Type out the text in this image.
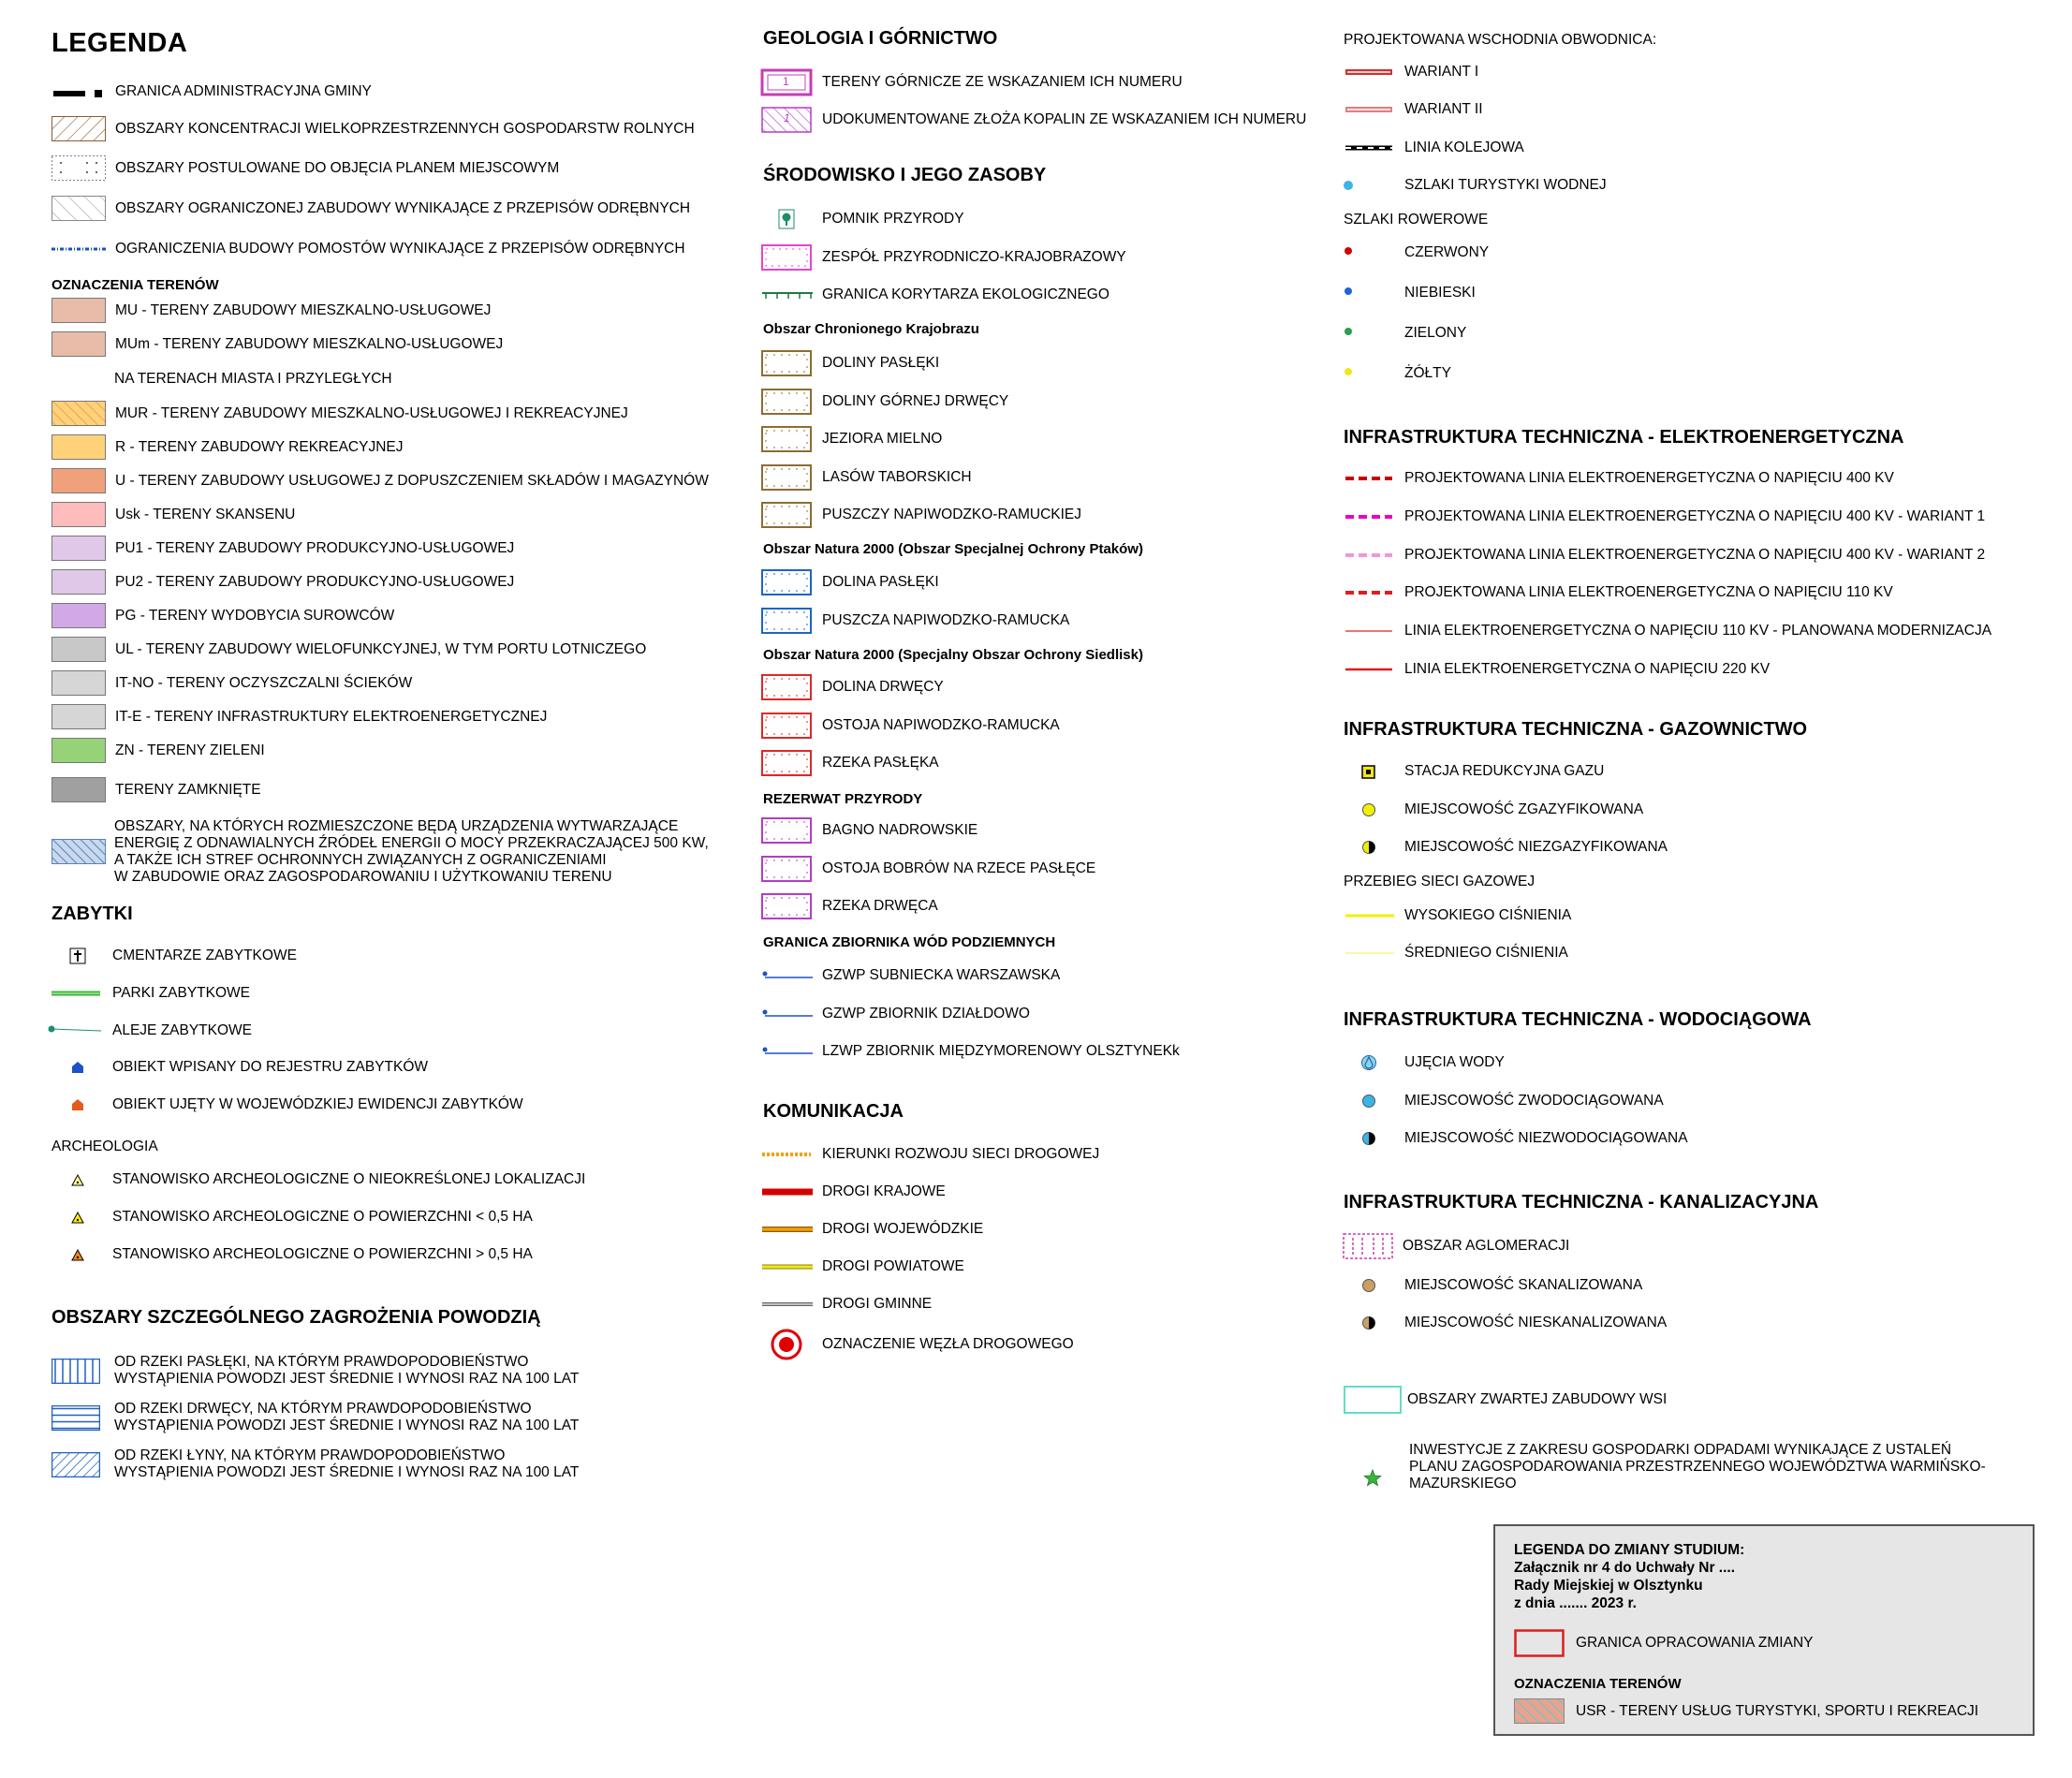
LEGENDA
GRANICA ADMINISTRACYJNA GMINY
OBSZARY KONCENTRACJI WIELKOPRZESTRZENNYCH GOSPODARSTW ROLNYCH
OBSZARY POSTULOWANE DO OBJĘCIA PLANEM MIEJSCOWYM
OBSZARY OGRANICZONEJ ZABUDOWY WYNIKAJĄCE Z PRZEPISÓW ODRĘBNYCH
OGRANICZENIA BUDOWY POMOSTÓW WYNIKAJĄCE Z PRZEPISÓW ODRĘBNYCH
OZNACZENIA TERENÓW
MU - TERENY ZABUDOWY MIESZKALNO-USŁUGOWEJ
MUm - TERENY ZABUDOWY MIESZKALNO-USŁUGOWEJ
MUR - TERENY ZABUDOWY MIESZKALNO-USŁUGOWEJ I REKREACYJNEJ
R - TERENY ZABUDOWY REKREACYJNEJ
U - TERENY ZABUDOWY USŁUGOWEJ Z DOPUSZCZENIEM SKŁADÓW I MAGAZYNÓW
Usk - TERENY SKANSENU
PU1 - TERENY ZABUDOWY PRODUKCYJNO-USŁUGOWEJ
PU2 - TERENY ZABUDOWY PRODUKCYJNO-USŁUGOWEJ
PG - TERENY WYDOBYCIA SUROWCÓW
UL - TERENY ZABUDOWY WIELOFUNKCYJNEJ, W TYM PORTU LOTNICZEGO
IT-NO - TERENY OCZYSZCZALNI ŚCIEKÓW
IT-E - TERENY INFRASTRUKTURY ELEKTROENERGETYCZNEJ
ZN - TERENY ZIELENI
TERENY ZAMKNIĘTE
NA TERENACH MIASTA I PRZYLEGŁYCH
OBSZARY, NA KTÓRYCH ROZMIESZCZONE BĘDĄ URZĄDZENIA WYTWARZAJĄCE
ENERGIĘ Z ODNAWIALNYCH ŹRÓDEŁ ENERGII O MOCY PRZEKRACZAJĄCEJ 500 KW,
A TAKŻE ICH STREF OCHRONNYCH ZWIĄZANYCH Z OGRANICZENIAMI
W ZABUDOWIE ORAZ ZAGOSPODAROWANIU I UŻYTKOWANIU TERENU
ZABYTKI
CMENTARZE ZABYTKOWE
PARKI ZABYTKOWE
ALEJE ZABYTKOWE
OBIEKT WPISANY DO REJESTRU ZABYTKÓW
OBIEKT UJĘTY W WOJEWÓDZKIEJ EWIDENCJI ZABYTKÓW
ARCHEOLOGIA
STANOWISKO ARCHEOLOGICZNE O NIEOKREŚLONEJ LOKALIZACJI
STANOWISKO ARCHEOLOGICZNE O POWIERZCHNI < 0,5 HA
STANOWISKO ARCHEOLOGICZNE O POWIERZCHNI > 0,5 HA
OBSZARY SZCZEGÓLNEGO ZAGROŻENIA POWODZIĄ
OD RZEKI PASŁĘKI, NA KTÓRYM PRAWDOPODOBIEŃSTWO
WYSTĄPIENIA POWODZI JEST ŚREDNIE I WYNOSI RAZ NA 100 LAT
OD RZEKI DRWĘCY, NA KTÓRYM PRAWDOPODOBIEŃSTWO
WYSTĄPIENIA POWODZI JEST ŚREDNIE I WYNOSI RAZ NA 100 LAT
OD RZEKI ŁYNY, NA KTÓRYM PRAWDOPODOBIEŃSTWO
WYSTĄPIENIA POWODZI JEST ŚREDNIE I WYNOSI RAZ NA 100 LAT
GEOLOGIA I GÓRNICTWO
1 TERENY GÓRNICZE ZE WSKAZANIEM ICH NUMERU
1 UDOKUMENTOWANE ZŁOŻA KOPALIN ZE WSKAZANIEM ICH NUMERU
ŚRODOWISKO I JEGO ZASOBY
POMNIK PRZYRODY
ZESPÓŁ PRZYRODNICZO-KRAJOBRAZOWY
GRANICA KORYTARZA EKOLOGICZNEGO
Obszar Chronionego Krajobrazu
DOLINY PASŁĘKI
DOLINY GÓRNEJ DRWĘCY
JEZIORA MIELNO
LASÓW TABORSKICH
PUSZCZY NAPIWODZKO-RAMUCKIEJ
Obszar Natura 2000 (Obszar Specjalnej Ochrony Ptaków)
DOLINA PASŁĘKI
PUSZCZA NAPIWODZKO-RAMUCKA
Obszar Natura 2000 (Specjalny Obszar Ochrony Siedlisk)
DOLINA DRWĘCY
OSTOJA NAPIWODZKO-RAMUCKA
RZEKA PASŁĘKA
REZERWAT PRZYRODY
BAGNO NADROWSKIE
OSTOJA BOBRÓW NA RZECE PASŁĘCE
RZEKA DRWĘCA
GRANICA ZBIORNIKA WÓD PODZIEMNYCH
GZWP SUBNIECKA WARSZAWSKA
GZWP ZBIORNIK DZIAŁDOWO
LZWP ZBIORNIK MIĘDZYMORENOWY OLSZTYNEKk
KOMUNIKACJA
KIERUNKI ROZWOJU SIECI DROGOWEJ
DROGI KRAJOWE
DROGI WOJEWÓDZKIE
DROGI POWIATOWE
DROGI GMINNE
OZNACZENIE WĘZŁA DROGOWEGO
PROJEKTOWANA WSCHODNIA OBWODNICA:
WARIANT I
WARIANT II
LINIA KOLEJOWA
SZLAKI TURYSTYKI WODNEJ
SZLAKI ROWEROWE
CZERWONY
NIEBIESKI
ZIELONY
ŻÓŁTY
INFRASTRUKTURA TECHNICZNA - ELEKTROENERGETYCZNA
PROJEKTOWANA LINIA ELEKTROENERGETYCZNA O NAPIĘCIU 400 KV
PROJEKTOWANA LINIA ELEKTROENERGETYCZNA O NAPIĘCIU 400 KV - WARIANT 1
PROJEKTOWANA LINIA ELEKTROENERGETYCZNA O NAPIĘCIU 400 KV - WARIANT 2
PROJEKTOWANA LINIA ELEKTROENERGETYCZNA O NAPIĘCIU 110 KV
LINIA ELEKTROENERGETYCZNA O NAPIĘCIU 110 KV - PLANOWANA MODERNIZACJA
LINIA ELEKTROENERGETYCZNA O NAPIĘCIU 220 KV
INFRASTRUKTURA TECHNICZNA - GAZOWNICTWO
STACJA REDUKCYJNA GAZU
MIEJSCOWOŚĆ ZGAZYFIKOWANA
MIEJSCOWOŚĆ NIEZGAZYFIKOWANA
PRZEBIEG SIECI GAZOWEJ
WYSOKIEGO CIŚNIENIA
ŚREDNIEGO CIŚNIENIA
INFRASTRUKTURA TECHNICZNA - WODOCIĄGOWA
UJĘCIA WODY
MIEJSCOWOŚĆ ZWODOCIĄGOWANA
MIEJSCOWOŚĆ NIEZWODOCIĄGOWANA
INFRASTRUKTURA TECHNICZNA - KANALIZACYJNA
OBSZAR AGLOMERACJI
MIEJSCOWOŚĆ SKANALIZOWANA
MIEJSCOWOŚĆ NIESKANALIZOWANA
OBSZARY ZWARTEJ ZABUDOWY WSI
INWESTYCJE Z ZAKRESU GOSPODARKI ODPADAMI WYNIKAJĄCE Z USTALEŃ
PLANU ZAGOSPODAROWANIA PRZESTRZENNEGO WOJEWÓDZTWA WARMIŃSKO-
MAZURSKIEGO
LEGENDA DO ZMIANY STUDIUM:
Załącznik nr 4 do Uchwały Nr ....
Rady Miejskiej w Olsztynku
z dnia ....... 2023 r.
GRANICA OPRACOWANIA ZMIANY
OZNACZENIA TERENÓW
USR - TERENY USŁUG TURYSTYKI, SPORTU I REKREACJI
